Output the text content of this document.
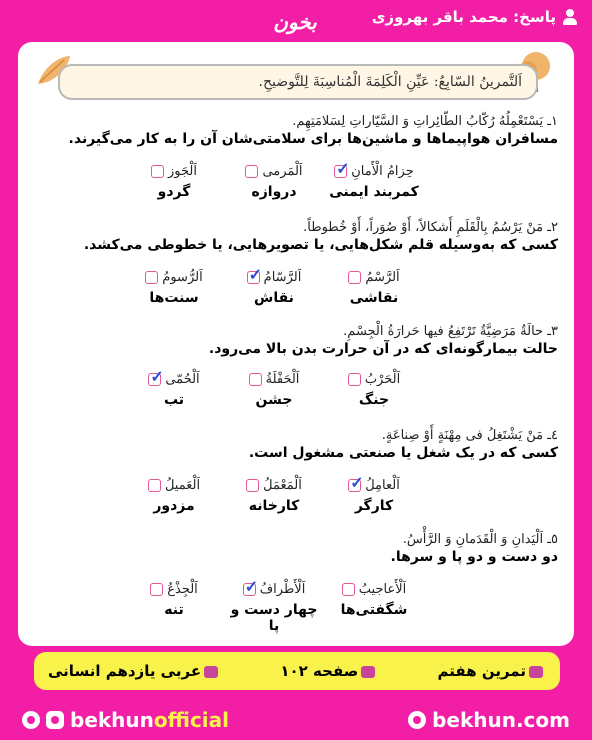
پاسخ: محمد باقر بهروزی
بخون
اَلتَّمرینُ السّابِعُ: عَیِّنِ الْكَلِمَةَ الْمُناسِبَةَ لِلتَّوضیحِ.
١ـ یَسْتَعْمِلُهُ رُكّابُ الطّائِراتِ وَ السَّیّاراتِ لِسَلامَتِهِم.
مسافران هواپیماها و ماشین‌ها برای سلامتی‌شان آن را به کار می‌گیرند.
حِزامُ الْأَمانِ
✓
کمربند ایمنی
اَلْمَرمی
دروازه
اَلْجَوز
گردو
٢ـ مَنْ یَرْسُمُ بِالْقَلَمِ أَشكالاً، أَوْ صُوَراً، أَوْ خُطوطاً.
کسی که به‌وسیله قلم شکل‌هایی، یا تصویرهایی، یا خطوطی می‌کشد.
اَلرَّسْمُ
نقاشی
اَلرَّسّامُ
✓
نقاش
اَلرُّسومُ
سنت‌ها
٣ـ حالَةٌ مَرَضِیَّةٌ تَرْتَفِعُ فیها حَرارَةُ الْجِسْمِ.
حالت بیمارگونه‌ای که در آن حرارت بدن بالا می‌رود.
اَلْحَرْبُ
جنگ
اَلْحَفْلَةُ
جشن
اَلْحُمّى
✓
تب
٤ـ مَنْ یَشْتَغِلُ فی مِهْنَةٍ أَوْ صِناعَةٍ.
کسی که در یک شغل یا صنعتی مشغول است.
اَلْعامِلُ
✓
کارگر
اَلْمَعْمَلُ
کارخانه
اَلْعَمیلُ
مزدور
٥ـ اَلْیَدانِ وَ الْقَدَمانِ وَ الرَّأْسُ.
دو دست و دو پا و سرها.
اَلْأَعاجیبُ
شگفتی‌ها
اَلْأَطْرافُ
✓
چهار دست و پا
اَلْجِذْعُ
تنه
تمرین هفتم
صفحه ۱۰۲
عربی یازدهم انسانی
bekhunofficial	bekhun.com
